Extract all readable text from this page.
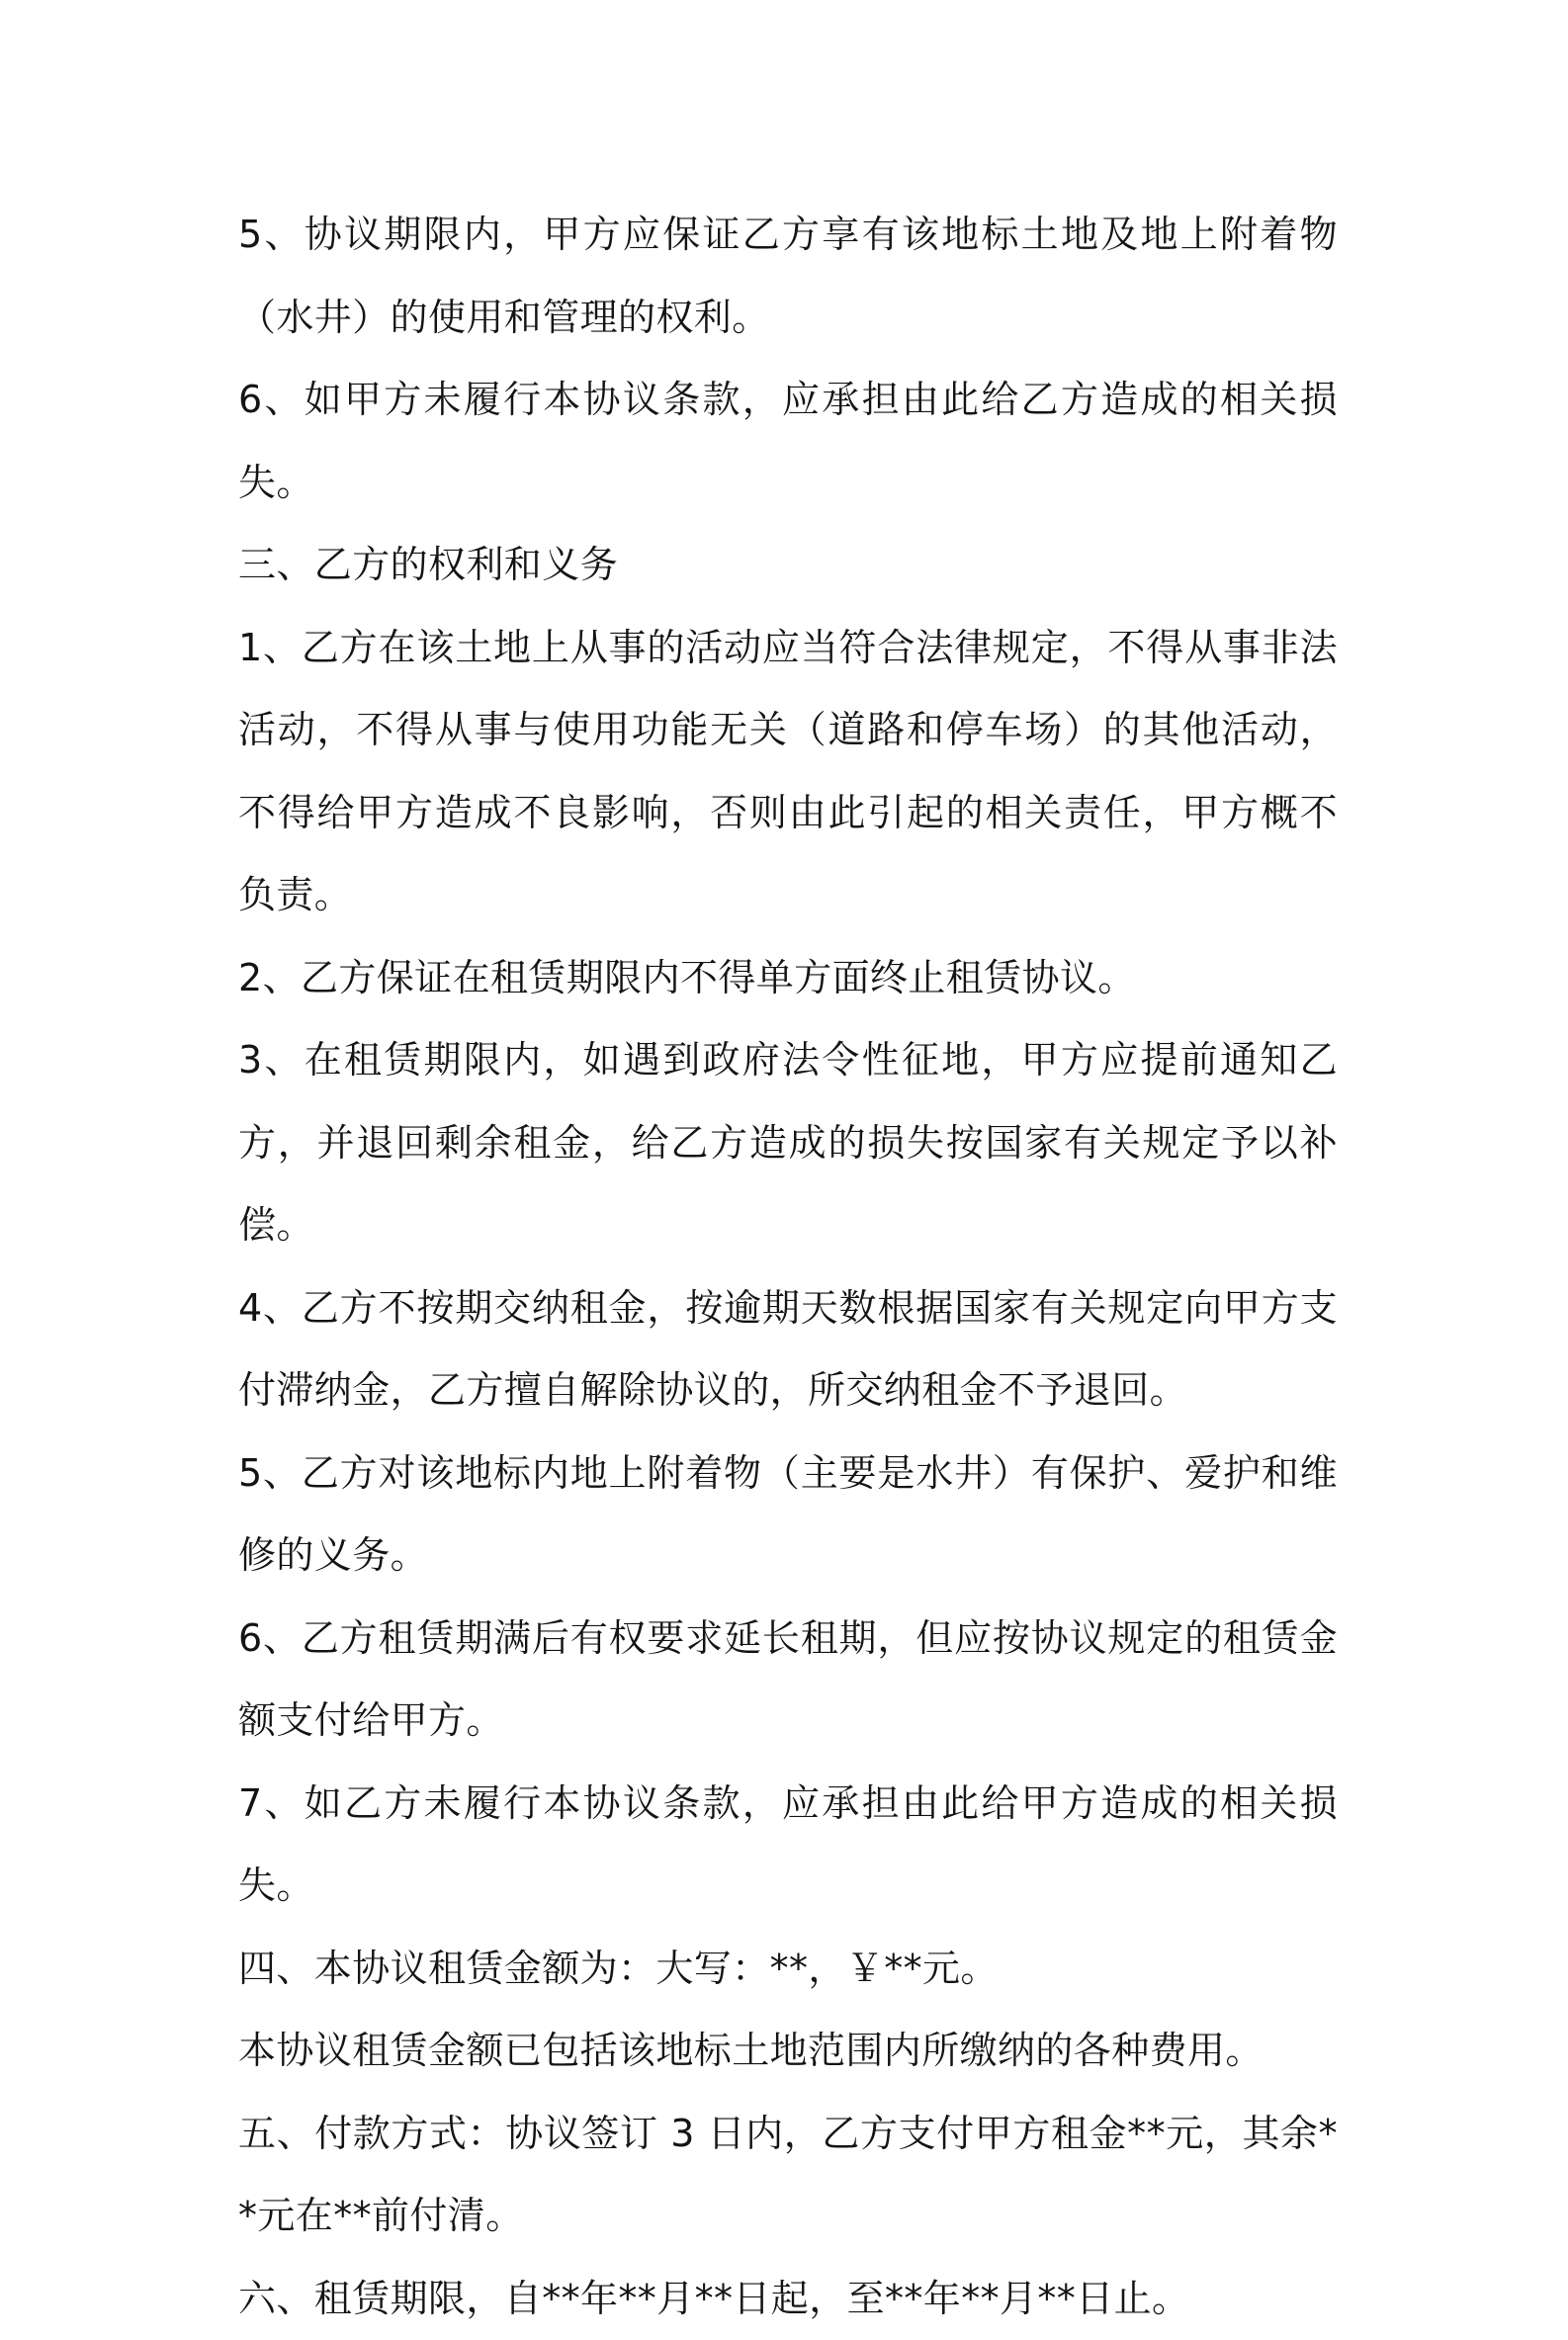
5、协议期限内，甲方应保证乙方享有该地标土地及地上附着物（水井）的使用和管理的权利。

6、如甲方未履行本协议条款，应承担由此给乙方造成的相关损失。

三、乙方的权利和义务

1、乙方在该土地上从事的活动应当符合法律规定，不得从事非法活动，不得从事与使用功能无关（道路和停车场）的其他活动，不得给甲方造成不良影响，否则由此引起的相关责任，甲方概不负责。

2、乙方保证在租赁期限内不得单方面终止租赁协议。

3、在租赁期限内，如遇到政府法令性征地，甲方应提前通知乙方，并退回剩余租金，给乙方造成的损失按国家有关规定予以补偿。

4、乙方不按期交纳租金，按逾期天数根据国家有关规定向甲方支付滞纳金，乙方擅自解除协议的，所交纳租金不予退回。

5、乙方对该地标内地上附着物（主要是水井）有保护、爱护和维修的义务。

6、乙方租赁期满后有权要求延长租期，但应按协议规定的租赁金额支付给甲方。

7、如乙方未履行本协议条款，应承担由此给甲方造成的相关损失。

四、本协议租赁金额为：大写：**，￥**元。

本协议租赁金额已包括该地标土地范围内所缴纳的各种费用。

五、付款方式：协议签订 3 日内，乙方支付甲方租金**元，其余**元在**前付清。

六、租赁期限，自**年**月**日起，至**年**月**日止。
